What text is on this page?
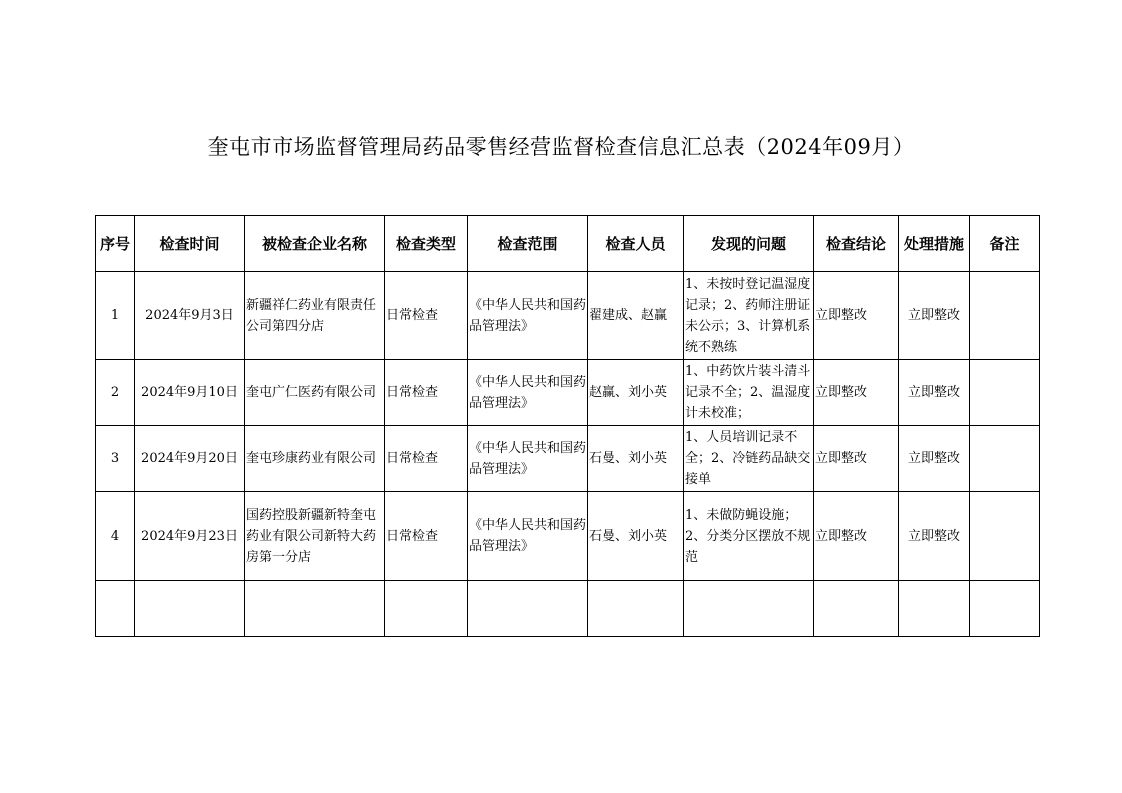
奎屯市市场监督管理局药品零售经营监督检查信息汇总表（2024年09月）
序号	检查时间	被检查企业名称	检查类型	检查范围	检查人员	发现的问题	检查结论	处理措施	备注
1	2024年9月3日	新疆祥仁药业有限责任公司第四分店	日常检查	《中华人民共和国药品管理法》	翟建成、赵赢	1、未按时登记温湿度记录；2、药师注册证未公示；3、计算机系统不熟练	立即整改	立即整改	
2	2024年9月10日	奎屯广仁医药有限公司	日常检查	《中华人民共和国药品管理法》	赵赢、刘小英	1、中药饮片装斗清斗记录不全；2、温湿度计未校准；	立即整改	立即整改	
3	2024年9月20日	奎屯珍康药业有限公司	日常检查	《中华人民共和国药品管理法》	石曼、刘小英	1、人员培训记录不全；2、冷链药品缺交接单	立即整改	立即整改	
4	2024年9月23日	国药控股新疆新特奎屯药业有限公司新特大药房第一分店	日常检查	《中华人民共和国药品管理法》	石曼、刘小英	1、未做防蝇设施；2、分类分区摆放不规范	立即整改	立即整改	
